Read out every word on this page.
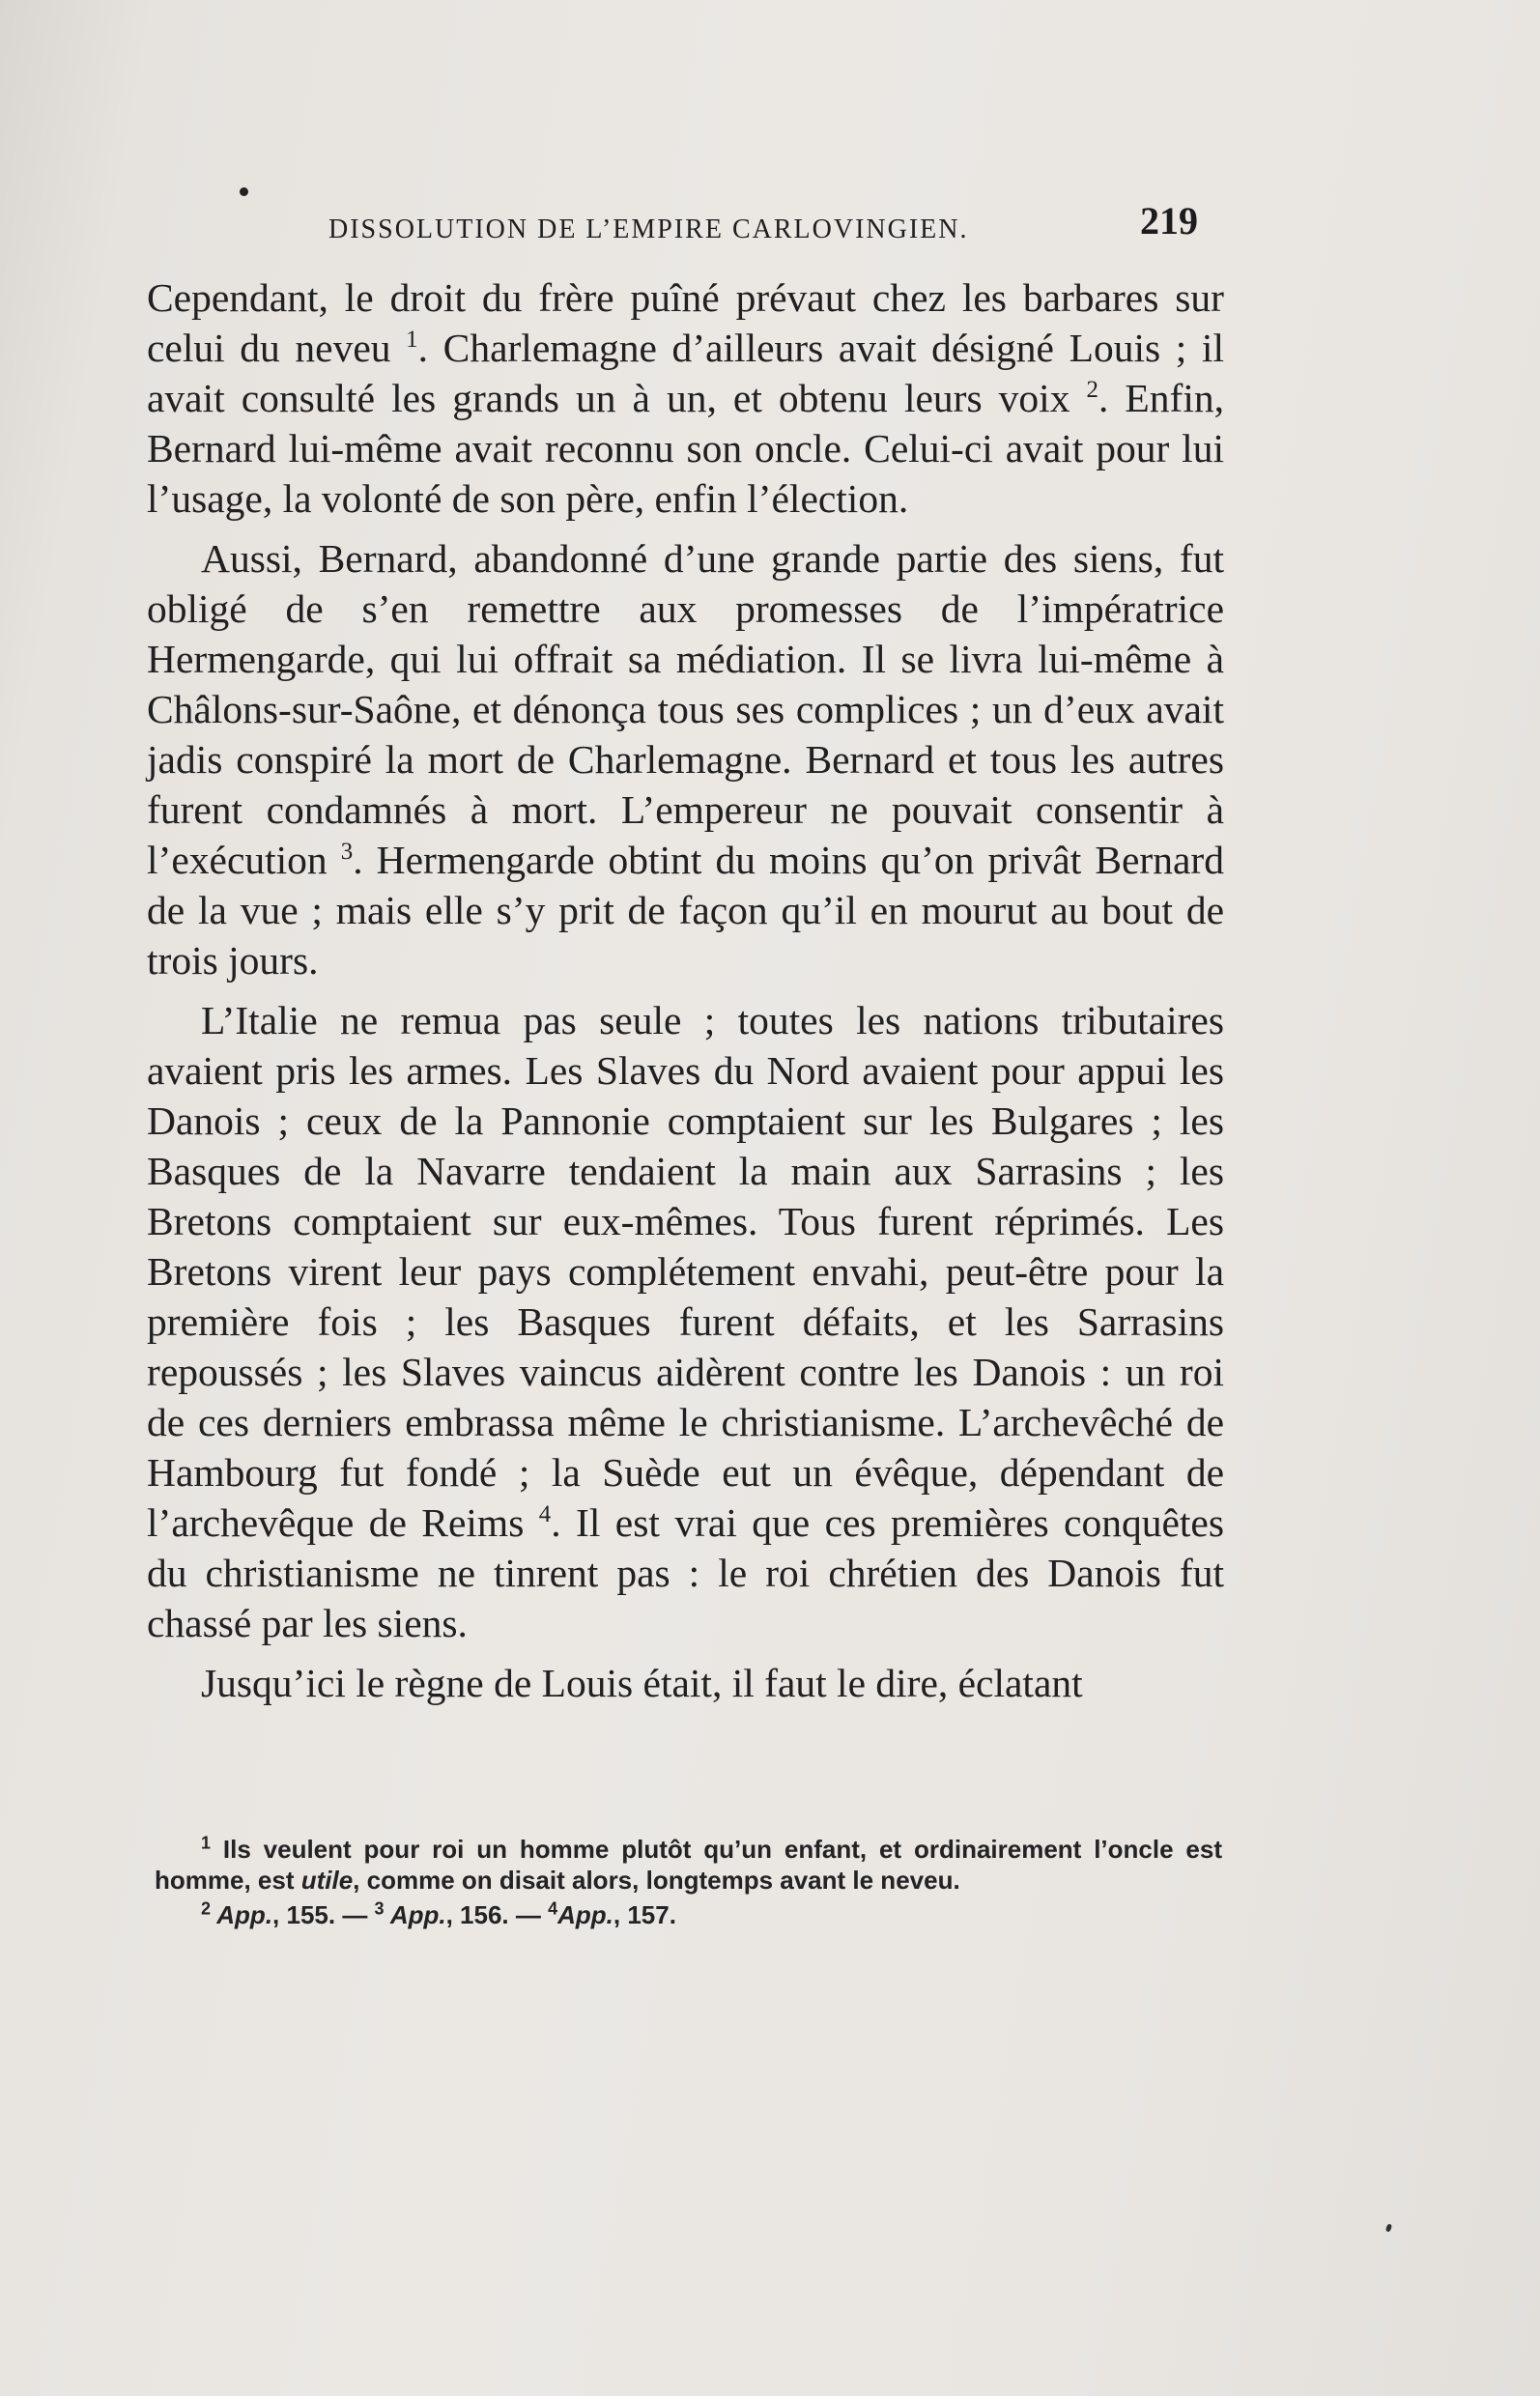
DISSOLUTION DE L’EMPIRE CARLOVINGIEN.	219

Cependant, le droit du frère puîné prévaut chez les barbares sur celui du neveu $^1$. Charlemagne d’ailleurs avait désigné Louis ; il avait consulté les grands un à un, et obtenu leurs voix $^2$. Enfin, Bernard lui-même avait reconnu son oncle. Celui-ci avait pour lui l’usage, la volonté de son père, enfin l’élection.

Aussi, Bernard, abandonné d’une grande partie des siens, fut obligé de s’en remettre aux promesses de l’impératrice Hermengarde, qui lui offrait sa médiation. Il se livra lui-même à Châlons-sur-Saône, et dénonça tous ses complices ; un d’eux avait jadis conspiré la mort de Charlemagne. Bernard et tous les autres furent condamnés à mort. L’empereur ne pouvait consentir à l’exécution $^3$. Hermengarde obtint du moins qu’on privât Bernard de la vue ; mais elle s’y prit de façon qu’il en mourut au bout de trois jours.

L’Italie ne remua pas seule ; toutes les nations tributaires avaient pris les armes. Les Slaves du Nord avaient pour appui les Danois ; ceux de la Pannonie comptaient sur les Bulgares ; les Basques de la Navarre tendaient la main aux Sarrasins ; les Bretons comptaient sur eux-mêmes. Tous furent réprimés. Les Bretons virent leur pays complétement envahi, peut-être pour la première fois ; les Basques furent défaits, et les Sarrasins repoussés ; les Slaves vaincus aidèrent contre les Danois : un roi de ces derniers embrassa même le christianisme. L’archevêché de Hambourg fut fondé ; la Suède eut un évêque, dépendant de l’archevêque de Reims $^4$. Il est vrai que ces premières conquêtes du christianisme ne tinrent pas : le roi chrétien des Danois fut chassé par les siens.

Jusqu’ici le règne de Louis était, il faut le dire, éclatant

$^1$ Ils veulent pour roi un homme plutôt qu’un enfant, et ordinairement l’oncle est homme, est utile, comme on disait alors, longtemps avant le neveu.

$^2$ App., 155. — $^3$ App., 156. — $^4$App., 157.
